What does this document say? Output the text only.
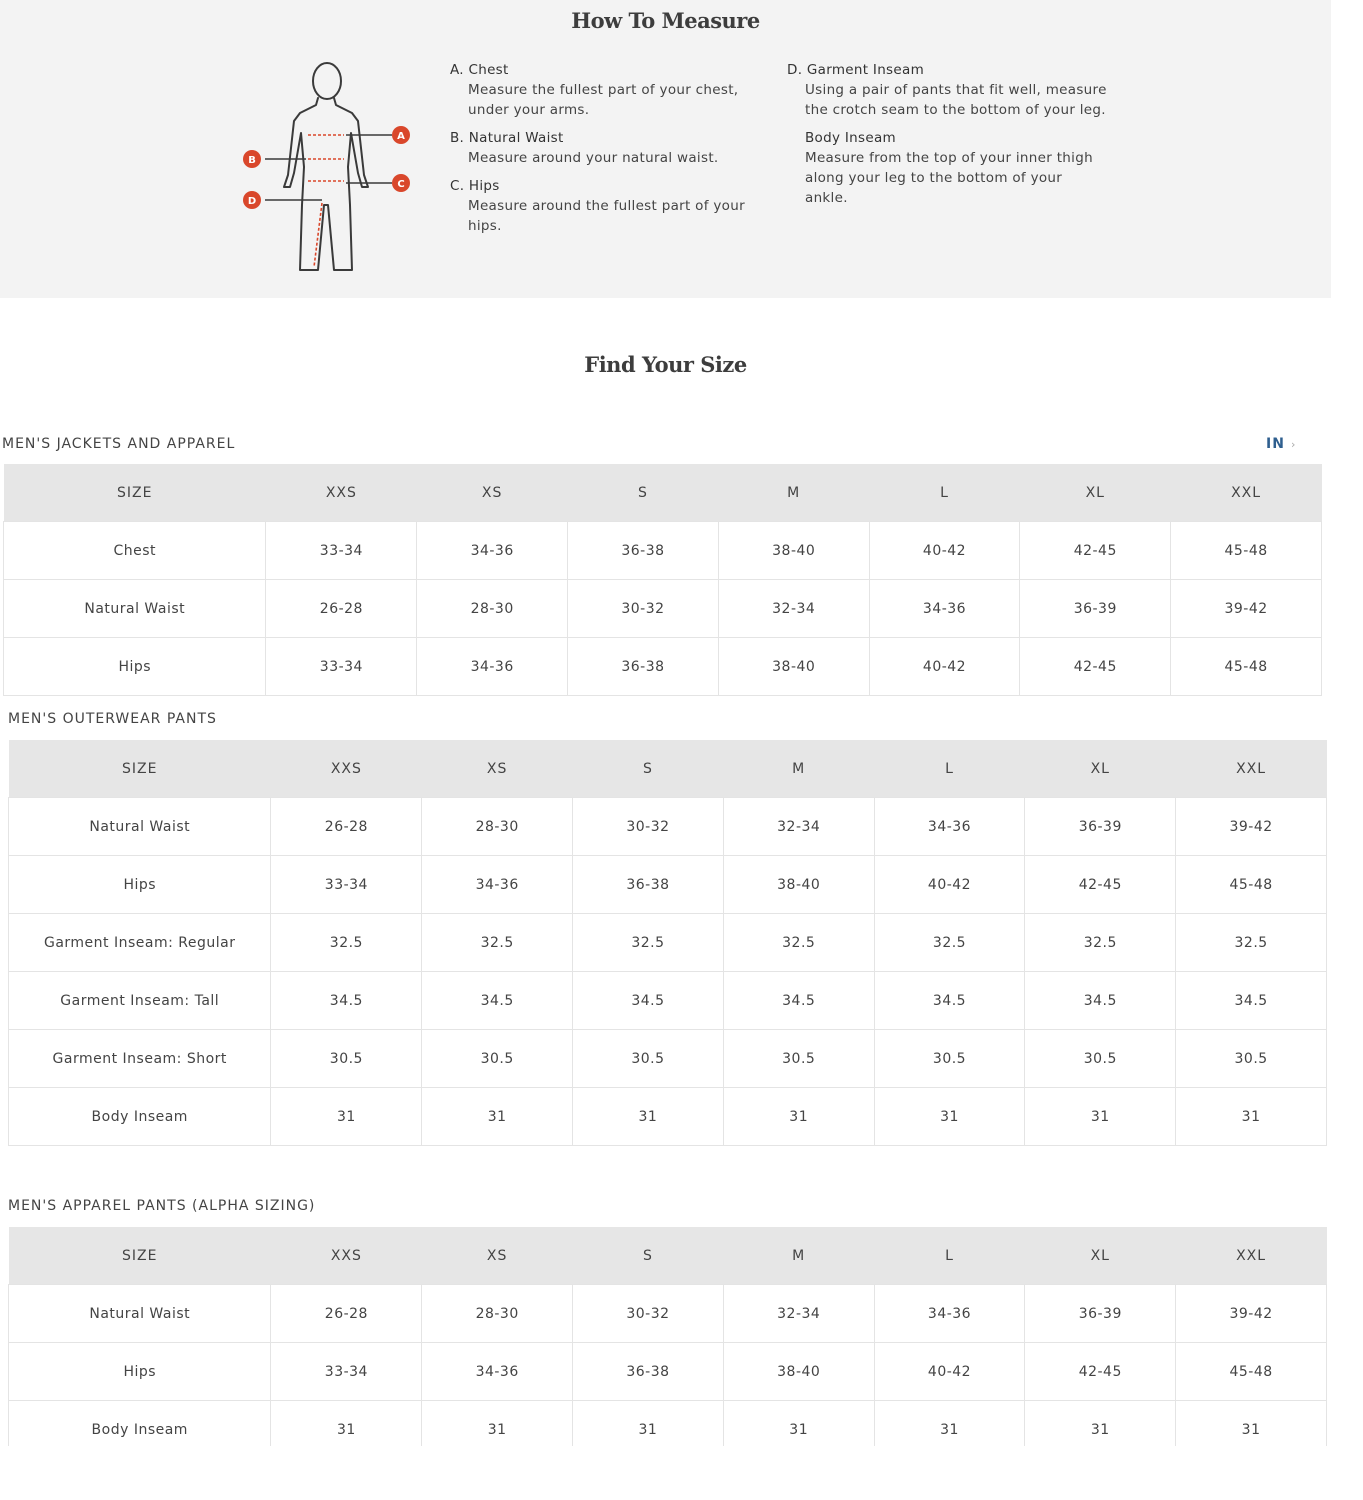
How To Measure
A
B
C
D
A. Chest
Measure the fullest part of your chest, under your arms.
B. Natural Waist
Measure around your natural waist.
C. Hips
Measure around the fullest part of your hips.
D. Garment Inseam
Using a pair of pants that fit well, measure the crotch seam to the bottom of your leg.
Body Inseam
Measure from the top of your inner thigh along your leg to the bottom of your ankle.
Find Your Size
MEN'S JACKETS AND APPAREL	IN ›
SIZE	XXS	XS	S	M	L	XL	XXL
Chest	33-34	34-36	36-38	38-40	40-42	42-45	45-48
Natural Waist	26-28	28-30	30-32	32-34	34-36	36-39	39-42
Hips	33-34	34-36	36-38	38-40	40-42	42-45	45-48
MEN'S OUTERWEAR PANTS
SIZE	XXS	XS	S	M	L	XL	XXL
Natural Waist	26-28	28-30	30-32	32-34	34-36	36-39	39-42
Hips	33-34	34-36	36-38	38-40	40-42	42-45	45-48
Garment Inseam: Regular	32.5	32.5	32.5	32.5	32.5	32.5	32.5
Garment Inseam: Tall	34.5	34.5	34.5	34.5	34.5	34.5	34.5
Garment Inseam: Short	30.5	30.5	30.5	30.5	30.5	30.5	30.5
Body Inseam	31	31	31	31	31	31	31
MEN'S APPAREL PANTS (ALPHA SIZING)
SIZE	XXS	XS	S	M	L	XL	XXL
Natural Waist	26-28	28-30	30-32	32-34	34-36	36-39	39-42
Hips	33-34	34-36	36-38	38-40	40-42	42-45	45-48
Body Inseam	31	31	31	31	31	31	31
